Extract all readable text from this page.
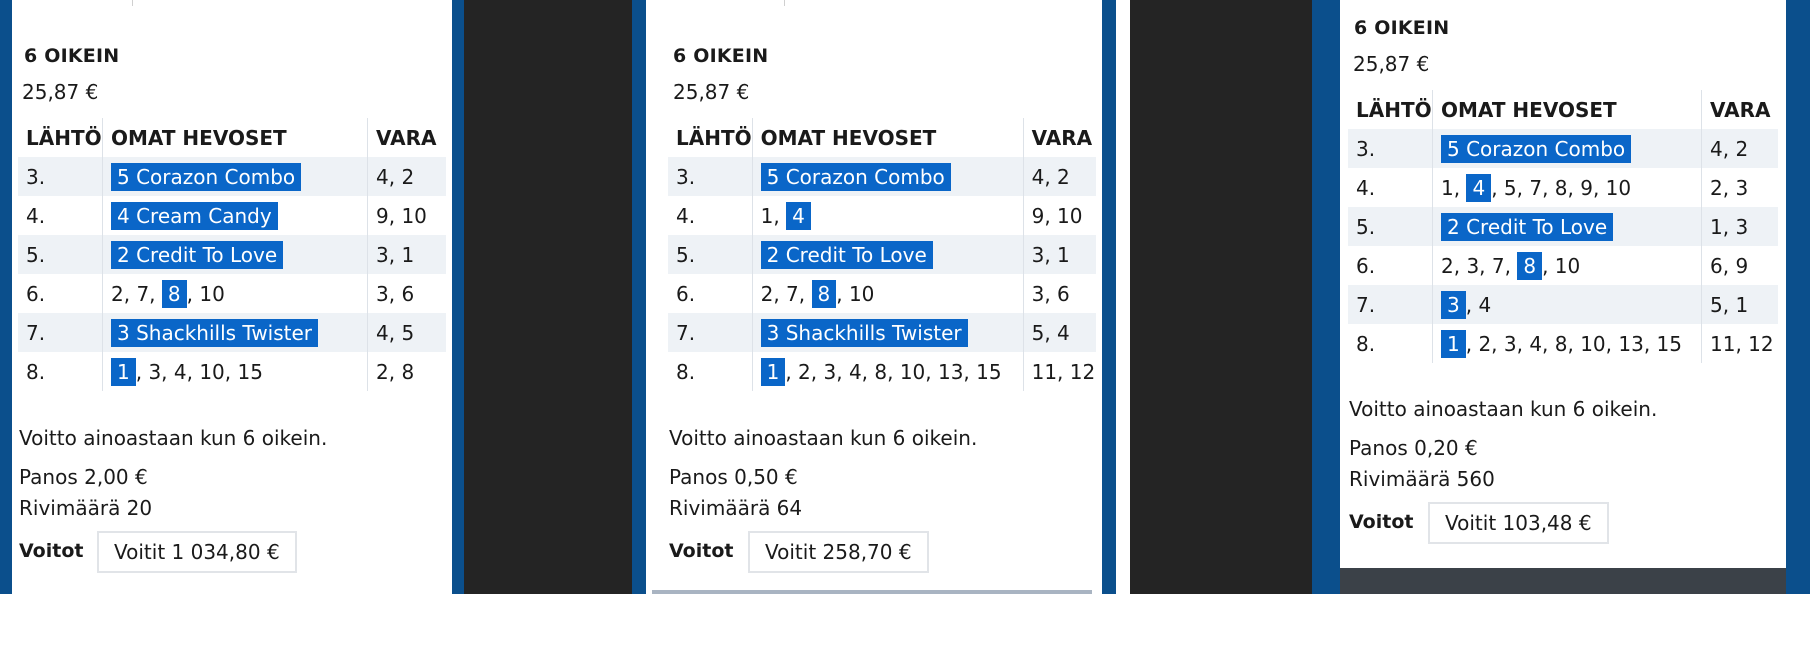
6 OIKEIN
25,87 €
LÄHTÖ	OMAT HEVOSET	VARA
3.	5 Corazon Combo	4, 2
4.	4 Cream Candy	9, 10
5.	2 Credit To Love	3, 1
6.	2, 7, 8 , 10	3, 6
7.	3 Shackhills Twister	4, 5
8.	1 , 3, 4, 10, 15	2, 8
Voitto ainoastaan kun 6 oikein.
Panos 2,00 €
Rivimäärä 20
Voitot	Voitit 1 034,80 €
6 OIKEIN
25,87 €
LÄHTÖ	OMAT HEVOSET	VARA
3.	5 Corazon Combo	4, 2
4.	1, 4	9, 10
5.	2 Credit To Love	3, 1
6.	2, 7, 8 , 10	3, 6
7.	3 Shackhills Twister	5, 4
8.	1 , 2, 3, 4, 8, 10, 13, 15	11, 12
Voitto ainoastaan kun 6 oikein.
Panos 0,50 €
Rivimäärä 64
Voitot	Voitit 258,70 €
6 OIKEIN
25,87 €
LÄHTÖ	OMAT HEVOSET	VARA
3.	5 Corazon Combo	4, 2
4.	1, 4 , 5, 7, 8, 9, 10	2, 3
5.	2 Credit To Love	1, 3
6.	2, 3, 7, 8 , 10	6, 9
7.	3 , 4	5, 1
8.	1 , 2, 3, 4, 8, 10, 13, 15	11, 12
Voitto ainoastaan kun 6 oikein.
Panos 0,20 €
Rivimäärä 560
Voitot	Voitit 103,48 €
